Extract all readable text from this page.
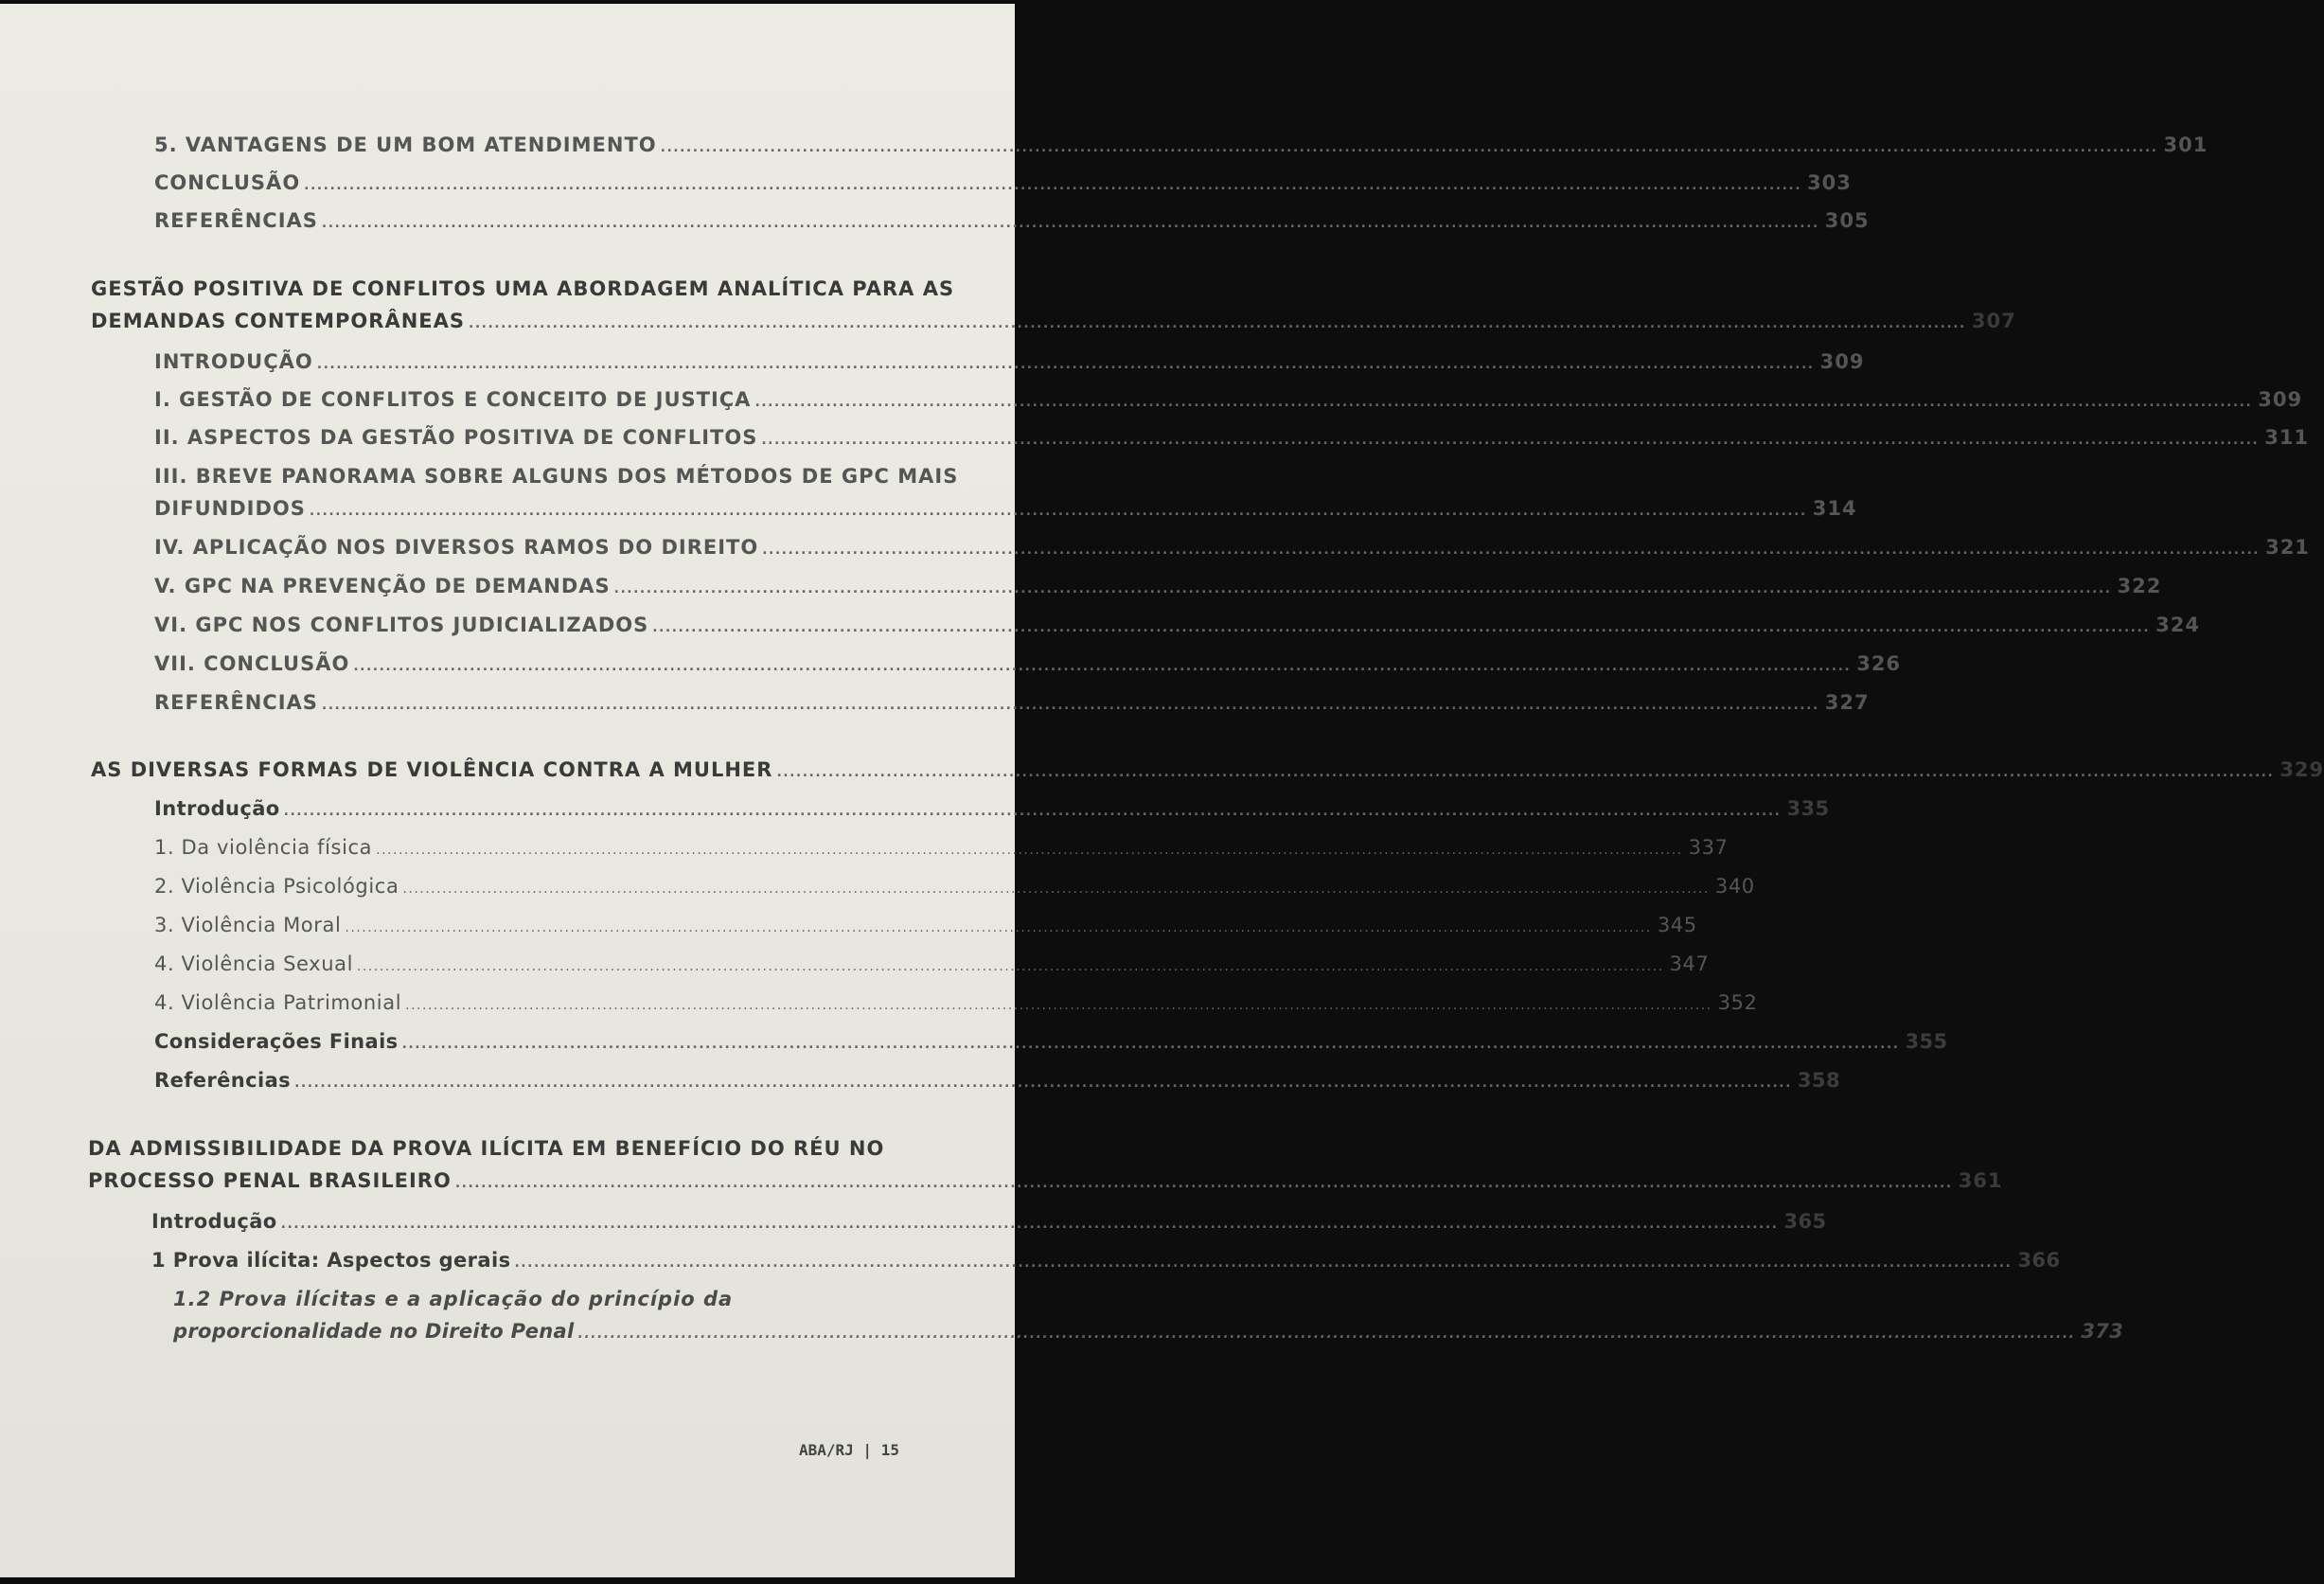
5. VANTAGENS DE UM BOM ATENDIMENTO ........................................................................................................................................................................................................................................ 301
CONCLUSÃO ........................................................................................................................................................................................................................................ 303
REFERÊNCIAS ........................................................................................................................................................................................................................................ 305
GESTÃO POSITIVA DE CONFLITOS UMA ABORDAGEM ANALÍTICA PARA AS
DEMANDAS CONTEMPORÂNEAS ........................................................................................................................................................................................................................................ 307
INTRODUÇÃO ........................................................................................................................................................................................................................................ 309
I. GESTÃO DE CONFLITOS E CONCEITO DE JUSTIÇA ........................................................................................................................................................................................................................................ 309
II. ASPECTOS DA GESTÃO POSITIVA DE CONFLITOS ........................................................................................................................................................................................................................................ 311
III. BREVE PANORAMA SOBRE ALGUNS DOS MÉTODOS DE GPC MAIS
DIFUNDIDOS ........................................................................................................................................................................................................................................ 314
IV. APLICAÇÃO NOS DIVERSOS RAMOS DO DIREITO ........................................................................................................................................................................................................................................ 321
V. GPC NA PREVENÇÃO DE DEMANDAS ........................................................................................................................................................................................................................................ 322
VI. GPC NOS CONFLITOS JUDICIALIZADOS ........................................................................................................................................................................................................................................ 324
VII. CONCLUSÃO ........................................................................................................................................................................................................................................ 326
REFERÊNCIAS ........................................................................................................................................................................................................................................ 327
AS DIVERSAS FORMAS DE VIOLÊNCIA CONTRA A MULHER ........................................................................................................................................................................................................................................ 329
Introdução ........................................................................................................................................................................................................................................ 335
1. Da violência física ........................................................................................................................................................................................................................................ 337
2. Violência Psicológica ........................................................................................................................................................................................................................................ 340
3. Violência Moral ........................................................................................................................................................................................................................................ 345
4. Violência Sexual ........................................................................................................................................................................................................................................ 347
4. Violência Patrimonial ........................................................................................................................................................................................................................................ 352
Considerações Finais ........................................................................................................................................................................................................................................ 355
Referências ........................................................................................................................................................................................................................................ 358
DA ADMISSIBILIDADE DA PROVA ILÍCITA EM BENEFÍCIO DO RÉU NO
PROCESSO PENAL BRASILEIRO ........................................................................................................................................................................................................................................ 361
Introdução ........................................................................................................................................................................................................................................ 365
1 Prova ilícita: Aspectos gerais ........................................................................................................................................................................................................................................ 366
1.2 Prova ilícitas e a aplicação do princípio da
proporcionalidade no Direito Penal ........................................................................................................................................................................................................................................ 373
ABA/RJ | 15
